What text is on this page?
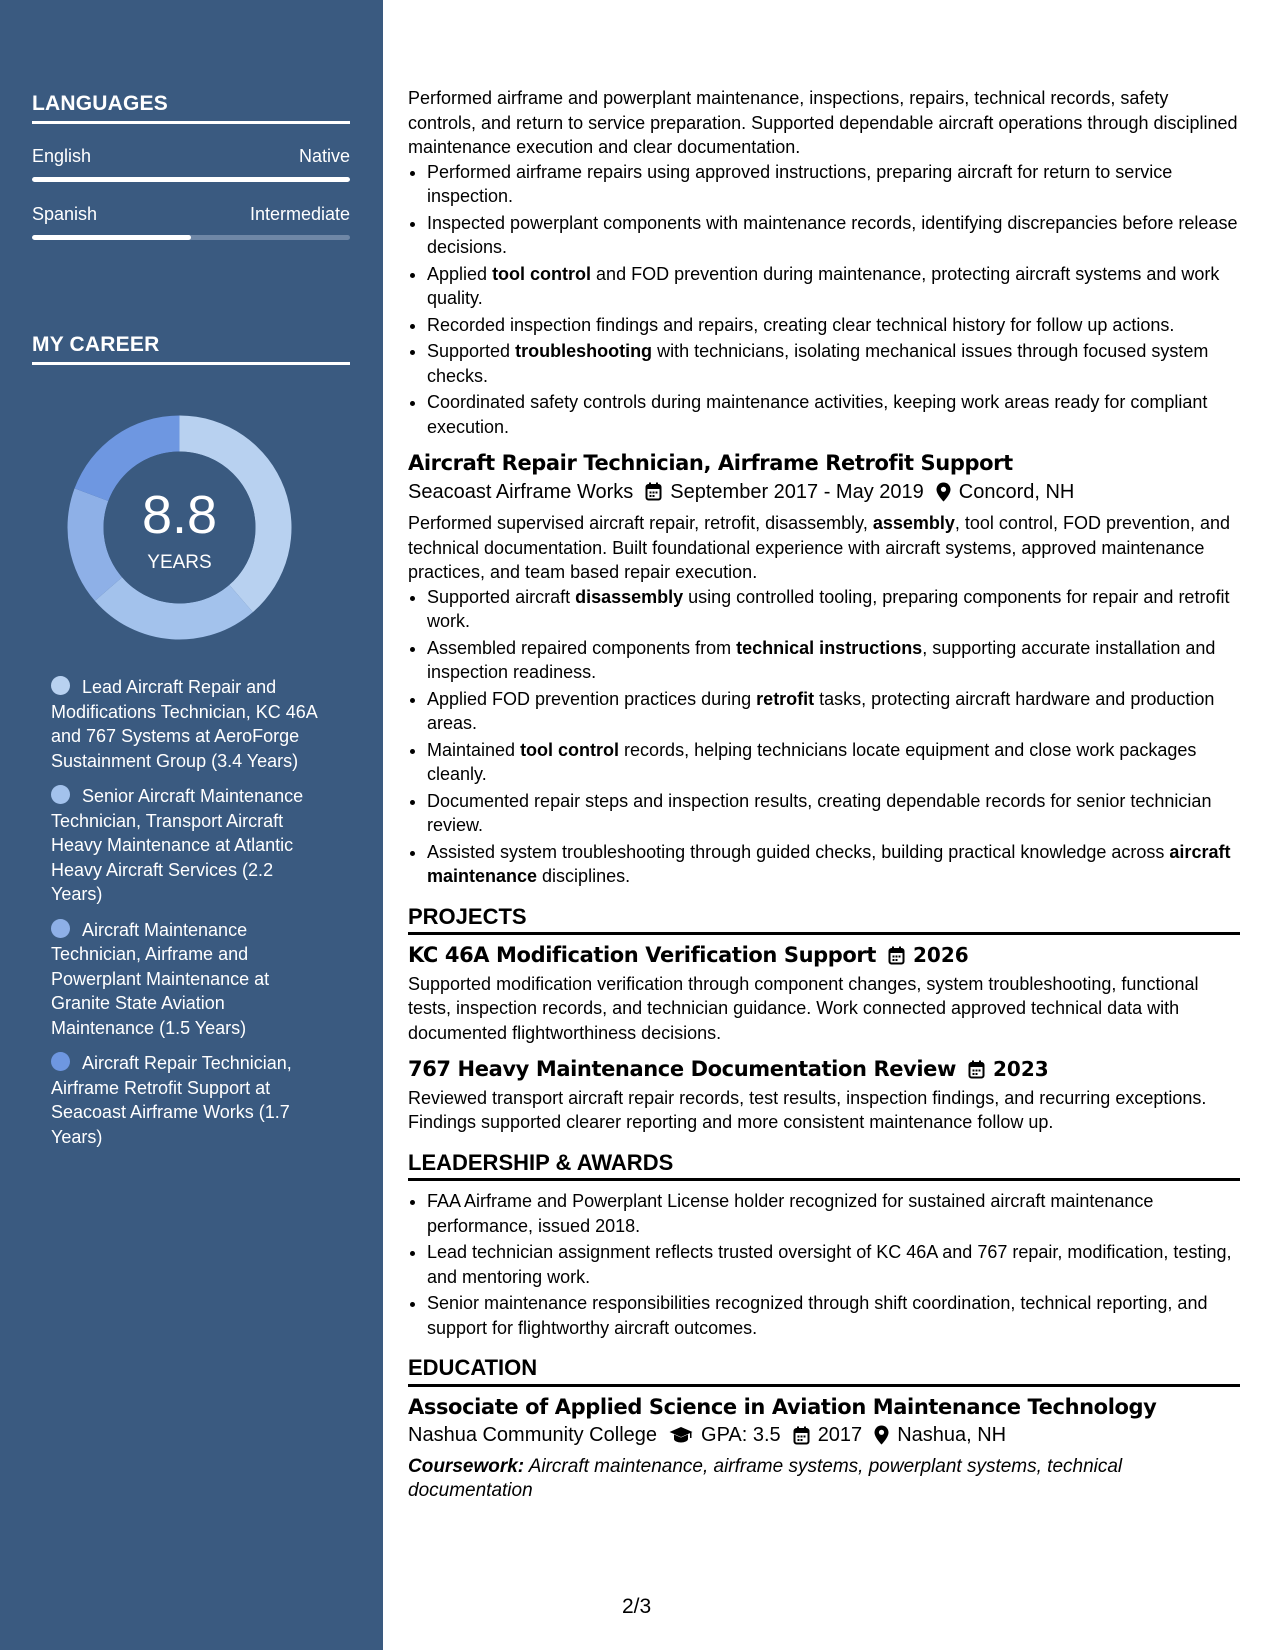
LANGUAGES
English	Native
Spanish	Intermediate
MY CAREER
8.8
YEARS
Lead Aircraft Repair and Modifications Technician, KC 46A and 767 Systems at AeroForge Sustainment Group (3.4 Years)
Senior Aircraft Maintenance Technician, Transport Aircraft Heavy Maintenance at Atlantic Heavy Aircraft Services (2.2 Years)
Aircraft Maintenance Technician, Airframe and Powerplant Maintenance at Granite State Aviation Maintenance (1.5 Years)
Aircraft Repair Technician, Airframe Retrofit Support at Seacoast Airframe Works (1.7 Years)

Performed airframe and powerplant maintenance, inspections, repairs, technical records, safety controls, and return to service preparation. Supported dependable aircraft operations through disciplined maintenance execution and clear documentation.

• Performed airframe repairs using approved instructions, preparing aircraft for return to service inspection.
• Inspected powerplant components with maintenance records, identifying discrepancies before release decisions.
• Applied tool control and FOD prevention during maintenance, protecting aircraft systems and work quality.
• Recorded inspection findings and repairs, creating clear technical history for follow up actions.
• Supported troubleshooting with technicians, isolating mechanical issues through focused system checks.
• Coordinated safety controls during maintenance activities, keeping work areas ready for compliant execution.
Aircraft Repair Technician, Airframe Retrofit Support
Seacoast Airframe Works September 2017 - May 2019 Concord, NH

Performed supervised aircraft repair, retrofit, disassembly, assembly, tool control, FOD prevention, and technical documentation. Built foundational experience with aircraft systems, approved maintenance practices, and team based repair execution.

• Supported aircraft disassembly using controlled tooling, preparing components for repair and retrofit work.
• Assembled repaired components from technical instructions, supporting accurate installation and inspection readiness.
• Applied FOD prevention practices during retrofit tasks, protecting aircraft hardware and production areas.
• Maintained tool control records, helping technicians locate equipment and close work packages cleanly.
• Documented repair steps and inspection results, creating dependable records for senior technician review.
• Assisted system troubleshooting through guided checks, building practical knowledge across aircraft maintenance disciplines.
PROJECTS
KC 46A Modification Verification Support 2026

Supported modification verification through component changes, system troubleshooting, functional tests, inspection records, and technician guidance. Work connected approved technical data with documented flightworthiness decisions.

767 Heavy Maintenance Documentation Review 2023

Reviewed transport aircraft repair records, test results, inspection findings, and recurring exceptions. Findings supported clearer reporting and more consistent maintenance follow up.

LEADERSHIP & AWARDS
• FAA Airframe and Powerplant License holder recognized for sustained aircraft maintenance performance, issued 2018.
• Lead technician assignment reflects trusted oversight of KC 46A and 767 repair, modification, testing, and mentoring work.
• Senior maintenance responsibilities recognized through shift coordination, technical reporting, and support for flightworthy aircraft outcomes.
EDUCATION
Associate of Applied Science in Aviation Maintenance Technology
Nashua Community College GPA: 3.5 2017 Nashua, NH
Coursework: Aircraft maintenance, airframe systems, powerplant systems, technical documentation
2/3
